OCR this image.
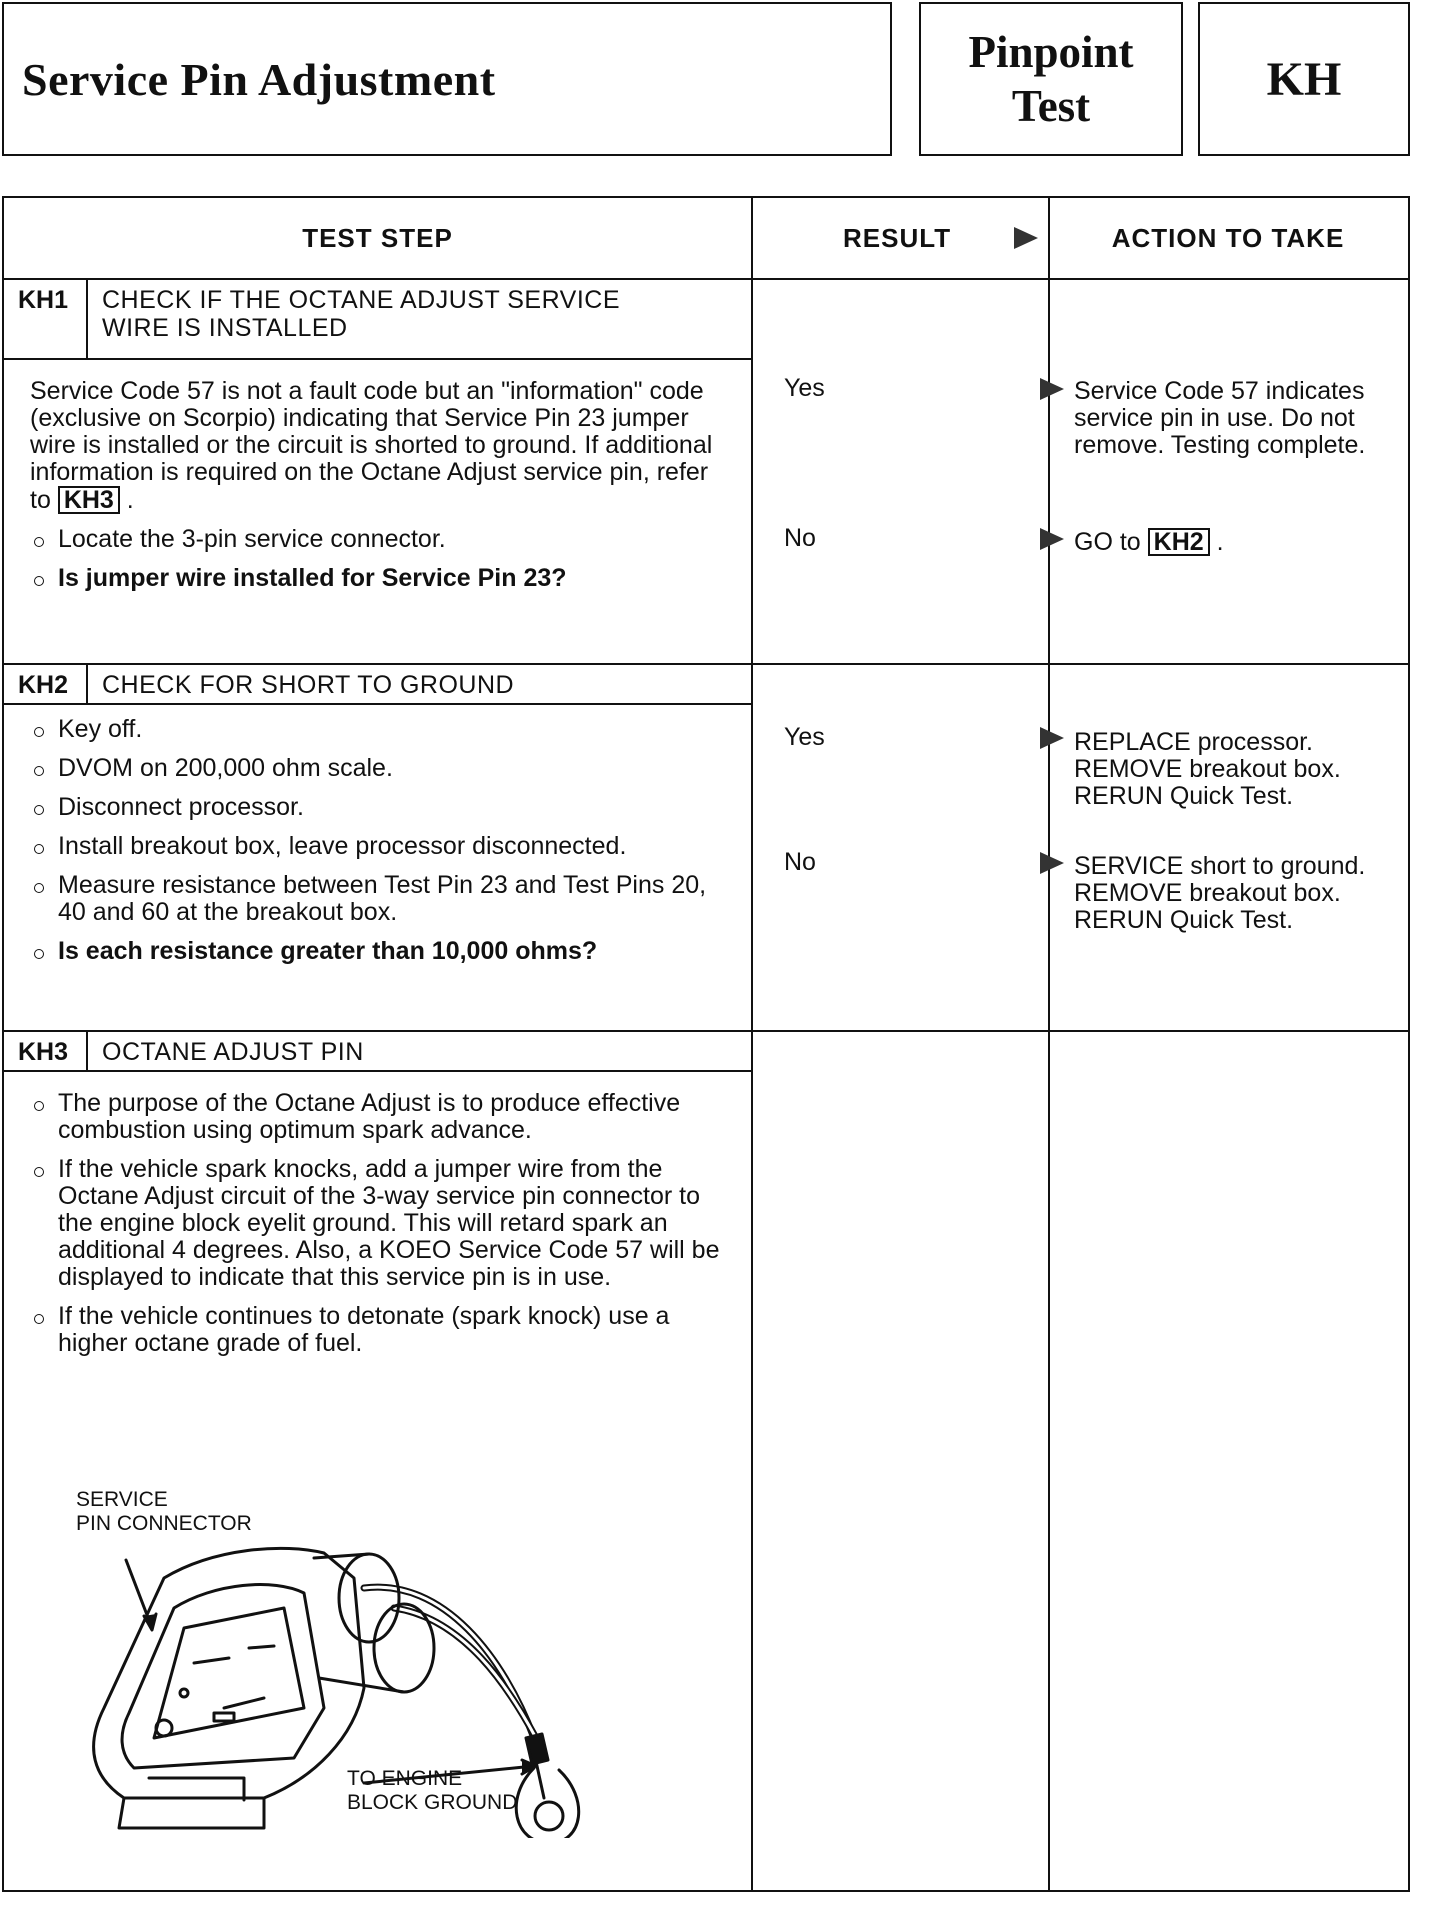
Service Pin Adjustment
Pinpoint
Test
KH
TEST STEP	RESULT	ACTION TO TAKE
KH1	CHECK IF THE OCTANE ADJUST SERVICE
WIRE IS INSTALLED
Service Code 57 is not a fault code but an "information" code (exclusive on Scorpio) indicating that Service Pin 23 jumper wire is installed or the circuit is shorted to ground. If additional information is required on the Octane Adjust service pin, refer to KH3 .
Locate the 3-pin service connector.
Is jumper wire installed for Service Pin 23?
Yes	Service Code 57 indicates service pin in use. Do not remove. Testing complete.
No	GO to KH2 .
KH2	CHECK FOR SHORT TO GROUND
Key off.
DVOM on 200,000 ohm scale.
Disconnect processor.
Install breakout box, leave processor disconnected.
Measure resistance between Test Pin 23 and Test Pins 20, 40 and 60 at the breakout box.
Is each resistance greater than 10,000 ohms?
Yes	REPLACE processor. REMOVE breakout box. RERUN Quick Test.
No	SERVICE short to ground. REMOVE breakout box. RERUN Quick Test.
KH3	OCTANE ADJUST PIN
The purpose of the Octane Adjust is to produce effective combustion using optimum spark advance.
If the vehicle spark knocks, add a jumper wire from the Octane Adjust circuit of the 3-way service pin connector to the engine block eyelit ground. This will retard spark an additional 4 degrees. Also, a KOEO Service Code 57 will be displayed to indicate that this service pin is in use.
If the vehicle continues to detonate (spark knock) use a higher octane grade of fuel.
SERVICE
PIN CONNECTOR
TO ENGINE
BLOCK GROUND
